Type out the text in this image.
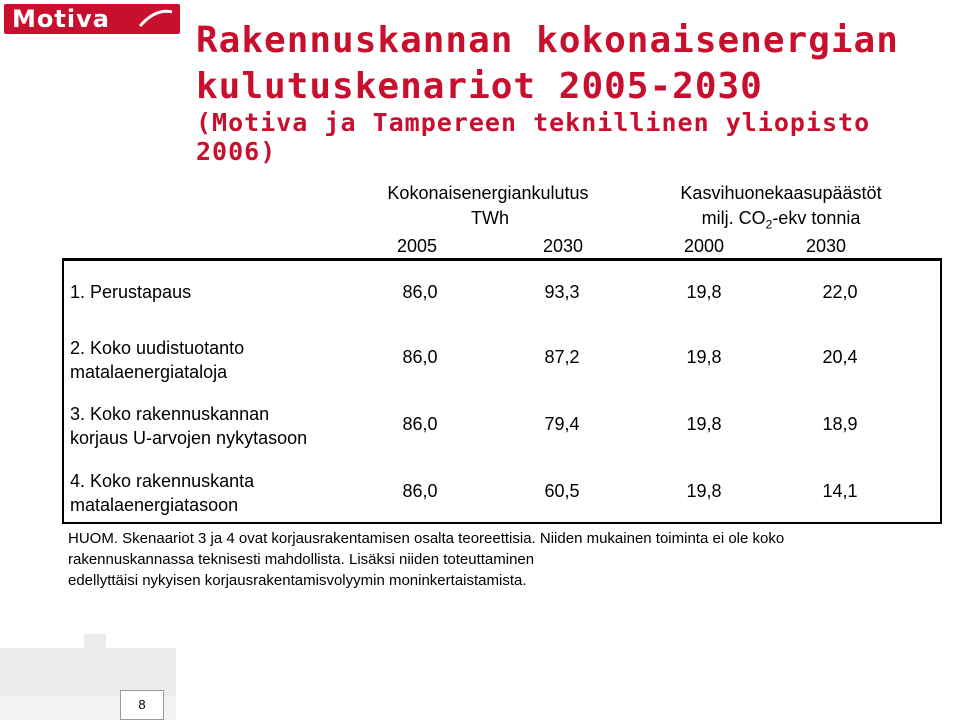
Motiva
Rakennuskannan kokonaisenergian
kulutuskenariot 2005-2030

(Motiva ja Tampereen teknillinen yliopisto 2006)

Kokonaisenergiankulutus
TWh
2005	2030
Kasvihuonekaasupäästöt
milj. $CO_2$-ekv tonnia
2000	2030
1. Perustapaus	86,0	93,3	19,8	22,0
2. Koko uudistuotanto
matalaenergiataloja
86,0	87,2	19,8	20,4
3. Koko rakennuskannan
korjaus U-arvojen nykytasoon
86,0	79,4	19,8	18,9
4. Koko rakennuskanta
matalaenergiatasoon
86,0	60,5	19,8	14,1

HUOM. Skenaariot 3 ja 4 ovat korjausrakentamisen osalta teoreettisia. Niiden mukainen toiminta ei ole koko
rakennuskannassa teknisesti mahdollista. Lisäksi niiden toteuttaminen
edellyttäisi nykyisen korjausrakentamisvolyymin moninkertaistamista.

8
